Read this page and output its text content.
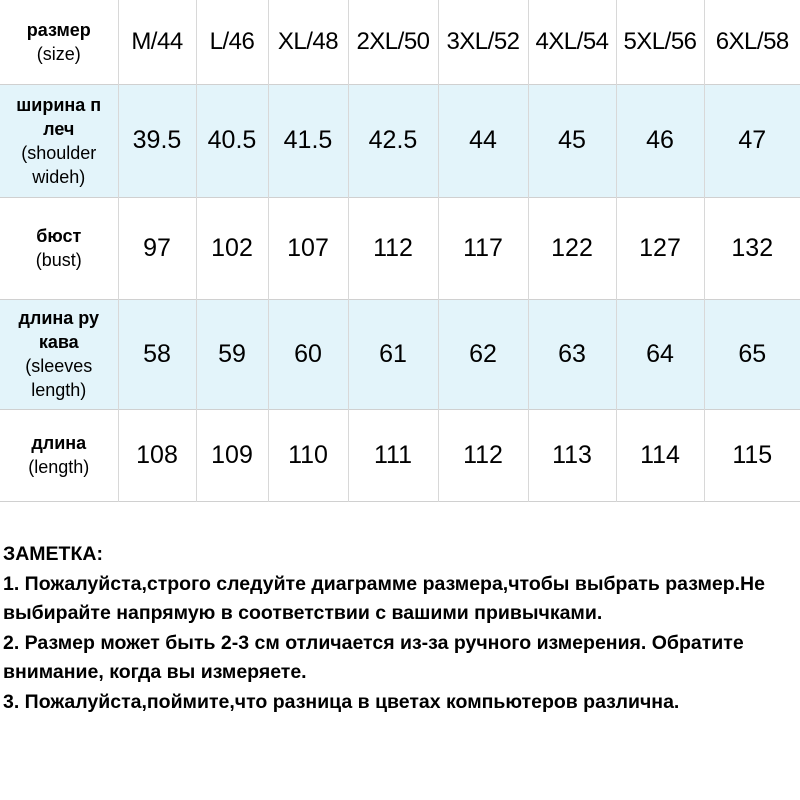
размер
(size)	M/44	L/46	XL/48	2XL/50	3XL/52	4XL/54	5XL/56	6XL/58

ширина п леч
(shoulder wideh)	39.5	40.5	41.5	42.5	44	45	46	47

бюст
(bust)	97	102	107	112	117	122	127	132

длина ру кава
(sleeves length)	58	59	60	61	62	63	64	65

длина
(length)	108	109	110	111	112	113	114	115

ЗАМЕТКА:

1. Пожалуйста,строго следуйте диаграмме размера,чтобы выбрать размер.Не выбирайте напрямую в соответствии с вашими привычками.

2. Размер может быть 2-3 см отличается из-за ручного измерения. Обратите внимание, когда вы измеряете.

3. Пожалуйста,поймите,что разница в цветах компьютеров различна.
